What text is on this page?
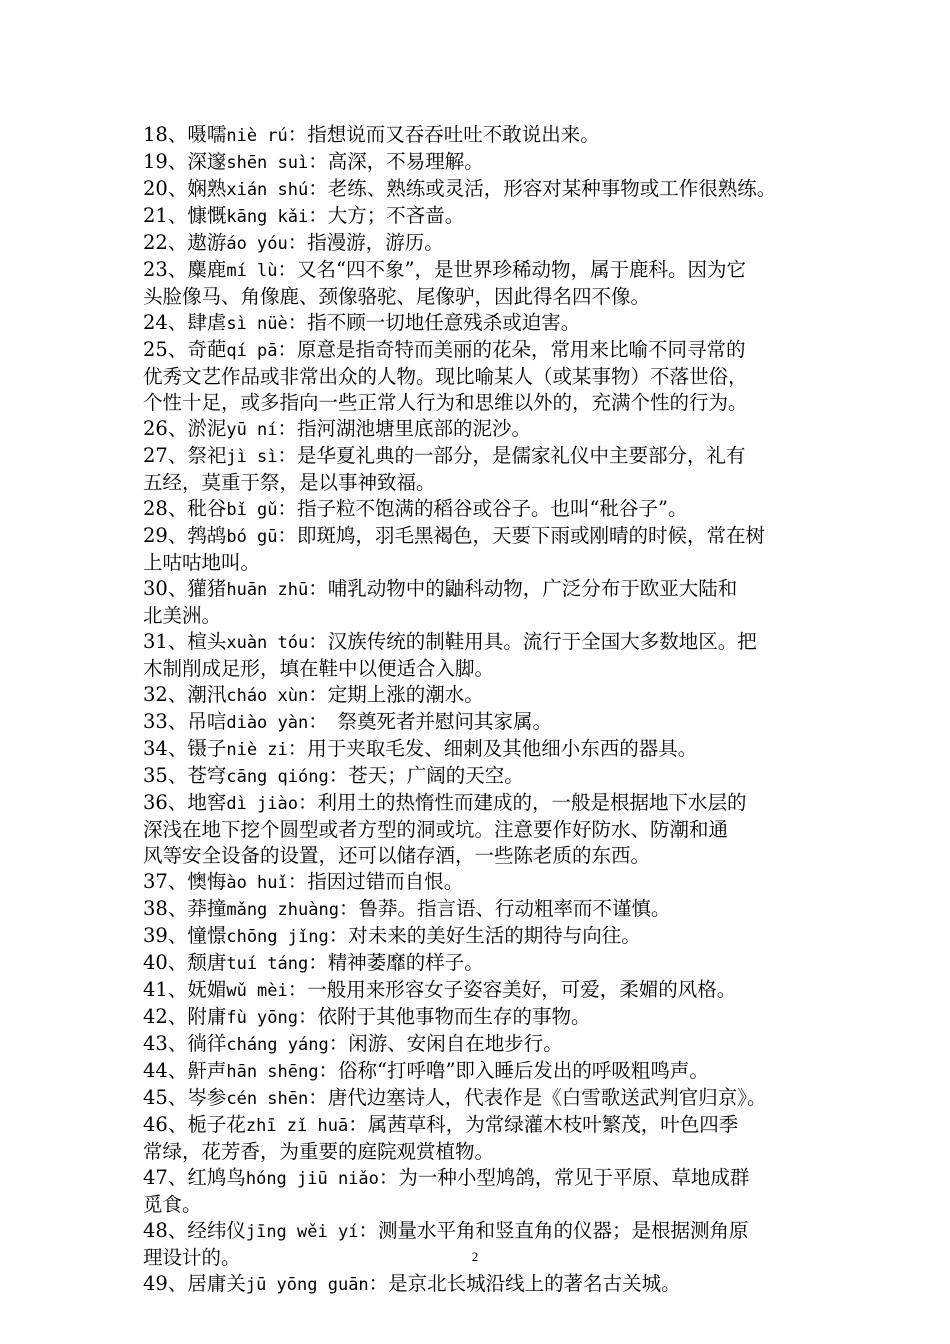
18、嗫嚅niè rú：指想说而又吞吞吐吐不敢说出来。
19、深邃shēn suì：高深，不易理解。
20、娴熟xián shú：老练、熟练或灵活，形容对某种事物或工作很熟练。
21、慷慨kāng kǎi：大方；不吝啬。
22、遨游áo yóu：指漫游，游历。
23、麋鹿mí lù：又名“四不象”，是世界珍稀动物，属于鹿科。因为它
头脸像马、角像鹿、颈像骆驼、尾像驴，因此得名四不像。
24、肆虐sì nüè：指不顾一切地任意残杀或迫害。
25、奇葩qí pā：原意是指奇特而美丽的花朵，常用来比喻不同寻常的
优秀文艺作品或非常出众的人物。现比喻某人（或某事物）不落世俗，
个性十足，或多指向一些正常人行为和思维以外的，充满个性的行为。
26、淤泥yū ní：指河湖池塘里底部的泥沙。
27、祭祀jì sì：是华夏礼典的一部分，是儒家礼仪中主要部分，礼有
五经，莫重于祭，是以事神致福。
28、秕谷bǐ gǔ：指子粒不饱满的稻谷或谷子。也叫“秕谷子”。
29、鹁鸪bó gū：即斑鸠，羽毛黑褐色，天要下雨或刚晴的时候，常在树
上咕咕地叫。
30、獾猪huān zhū：哺乳动物中的鼬科动物，广泛分布于欧亚大陆和
北美洲。
31、楦头xuàn tóu：汉族传统的制鞋用具。流行于全国大多数地区。把
木制削成足形，填在鞋中以便适合入脚。
32、潮汛cháo xùn：定期上涨的潮水。
33、吊唁diào yàn：　祭奠死者并慰问其家属。
34、镊子niè zi：用于夹取毛发、细刺及其他细小东西的器具。
35、苍穹cāng qióng：苍天；广阔的天空。
36、地窖dì jiào：利用土的热惰性而建成的，一般是根据地下水层的
深浅在地下挖个圆型或者方型的洞或坑。注意要作好防水、防潮和通
风等安全设备的设置，还可以储存酒，一些陈老质的东西。
37、懊悔ào huǐ：指因过错而自恨。
38、莽撞mǎng zhuàng：鲁莽。指言语、行动粗率而不谨慎。
39、憧憬chōng jǐng：对未来的美好生活的期待与向往。
40、颓唐tuí táng：精神萎靡的样子。
41、妩媚wǔ mèi：一般用来形容女子姿容美好，可爱，柔媚的风格。
42、附庸fù yōng：依附于其他事物而生存的事物。
43、徜徉cháng yáng：闲游、安闲自在地步行。
44、鼾声hān shēng：俗称“打呼噜”即入睡后发出的呼吸粗鸣声。
45、岑参cén shēn：唐代边塞诗人，代表作是《白雪歌送武判官归京》。
46、栀子花zhī zǐ huā：属茜草科，为常绿灌木枝叶繁茂，叶色四季
常绿，花芳香，为重要的庭院观赏植物。
47、红鸠鸟hóng jiū niǎo：为一种小型鸠鸽，常见于平原、草地成群
觅食。
48、经纬仪jīng wěi yí：测量水平角和竖直角的仪器；是根据测角原
理设计的。
49、居庸关jū yōng guān：是京北长城沿线上的著名古关城。
2
